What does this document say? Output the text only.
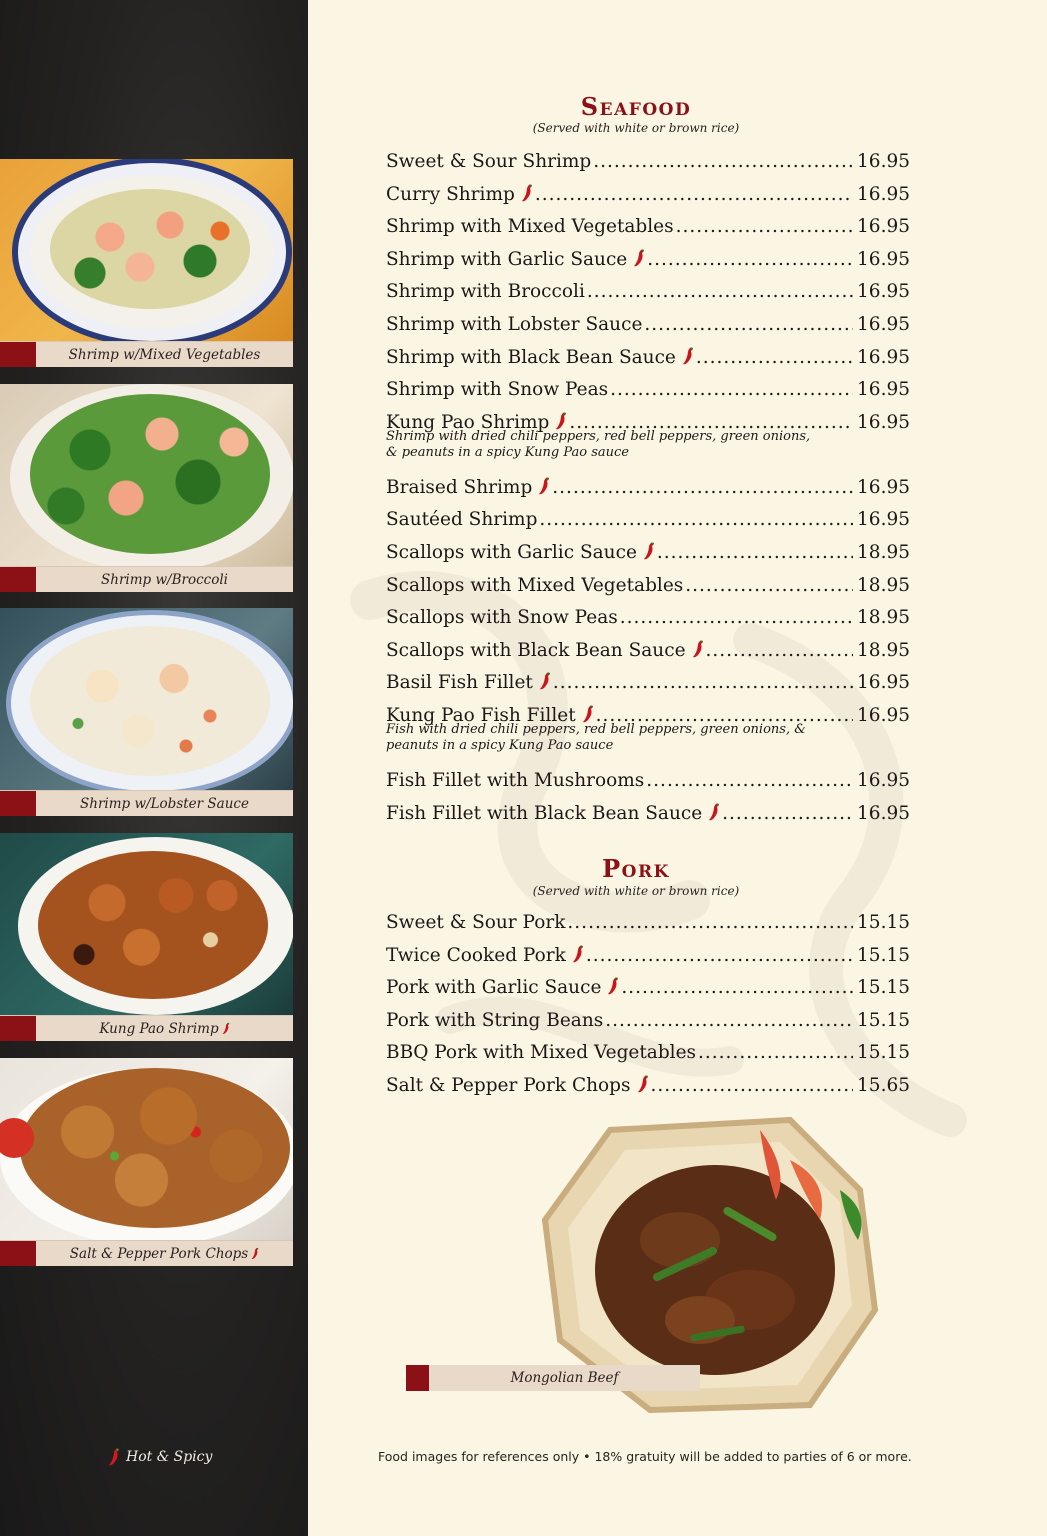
Shrimp w/Mixed Vegetables
Shrimp w/Broccoli
Shrimp w/Lobster Sauce
Kung Pao Shrimp
Salt & Pepper Pork Chops
Hot & Spicy
Seafood
(Served with white or brown rice)
Sweet & Sour Shrimp .....	16.95
Curry Shrimp .....	16.95
Shrimp with Mixed Vegetables .....	16.95
Shrimp with Garlic Sauce .....	16.95
Shrimp with Broccoli .....	16.95
Shrimp with Lobster Sauce .....	16.95
Shrimp with Black Bean Sauce .....	16.95
Shrimp with Snow Peas .....	16.95
Kung Pao Shrimp .....	16.95
Shrimp with dried chili peppers, red bell peppers, green onions, & peanuts in a spicy Kung Pao sauce
Braised Shrimp .....	16.95
Sautéed Shrimp .....	16.95
Scallops with Garlic Sauce .....	18.95
Scallops with Mixed Vegetables .....	18.95
Scallops with Snow Peas .....	18.95
Scallops with Black Bean Sauce .....	18.95
Basil Fish Fillet .....	16.95
Kung Pao Fish Fillet .....	16.95
Fish with dried chili peppers, red bell peppers, green onions, & peanuts in a spicy Kung Pao sauce
Fish Fillet with Mushrooms .....	16.95
Fish Fillet with Black Bean Sauce .....	16.95
Pork
(Served with white or brown rice)
Sweet & Sour Pork .....	15.15
Twice Cooked Pork .....	15.15
Pork with Garlic Sauce .....	15.15
Pork with String Beans .....	15.15
BBQ Pork with Mixed Vegetables .....	15.15
Salt & Pepper Pork Chops .....	15.65
Mongolian Beef
Food images for references only • 18% gratuity will be added to parties of 6 or more.
